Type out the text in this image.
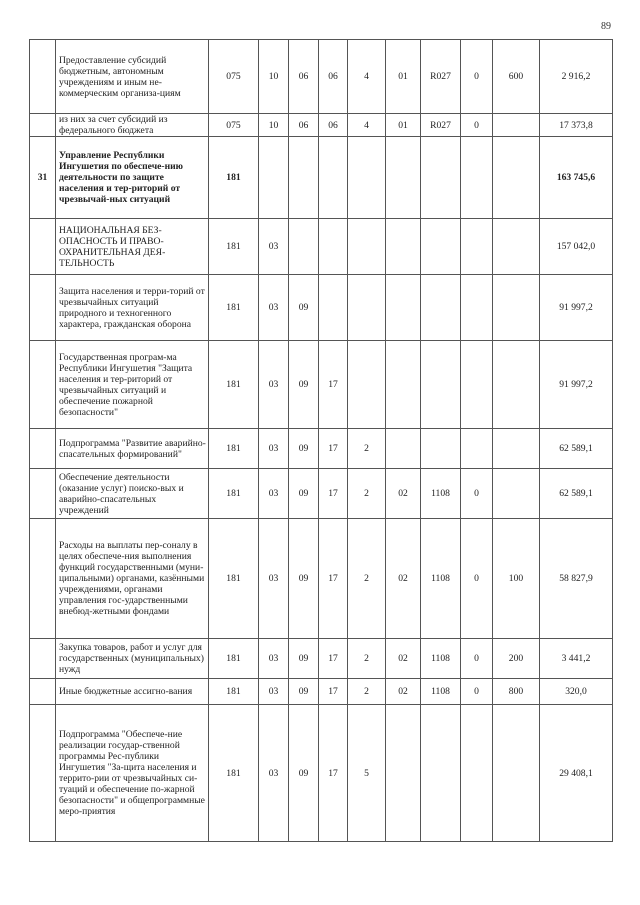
89
	Предоставление субсидий бюджетным, автономным учреждениям и иным не-коммерческим организа-циям	075	10	06	06	4	01	R027	0	600	2 916,2
	из них за счет субсидий из федерального бюджета	075	10	06	06	4	01	R027	0		17 373,8
31	Управление Республики Ингушетия по обеспече-нию деятельности по защите населения и тер-риторий от чрезвычай-ных ситуаций	181									163 745,6
	НАЦИОНАЛЬНАЯ БЕЗ-ОПАСНОСТЬ И ПРАВО-ОХРАНИТЕЛЬНАЯ ДЕЯ-ТЕЛЬНОСТЬ	181	03								157 042,0
	Защита населения и терри-торий от чрезвычайных ситуаций природного и техногенного характера, гражданская оборона	181	03	09							91 997,2
	Государственная програм-ма Республики Ингушетия "Защита населения и тер-риторий от чрезвычайных ситуаций и обеспечение пожарной безопасности"	181	03	09	17						91 997,2
	Подпрограмма "Развитие аварийно-спасательных формирований"	181	03	09	17	2					62 589,1
	Обеспечение деятельности (оказание услуг) поиско-вых и аварийно-спасательных учреждений	181	03	09	17	2	02	1108	0		62 589,1
	Расходы на выплаты пер-соналу в целях обеспече-ния выполнения функций государственными (муни-ципальными) органами, казёнными учреждениями, органами управления гос-ударственными внебюд-жетными фондами	181	03	09	17	2	02	1108	0	100	58 827,9
	Закупка товаров, работ и услуг для государственных (муниципальных) нужд	181	03	09	17	2	02	1108	0	200	3 441,2
	Иные бюджетные ассигно-вания	181	03	09	17	2	02	1108	0	800	320,0
	Подпрограмма "Обеспече-ние реализации государ-ственной программы Рес-публики Ингушетия "За-щита населения и террито-рии от чрезвычайных си-туаций и обеспечение по-жарной безопасности" и общепрограммные меро-приятия	181	03	09	17	5					29 408,1
